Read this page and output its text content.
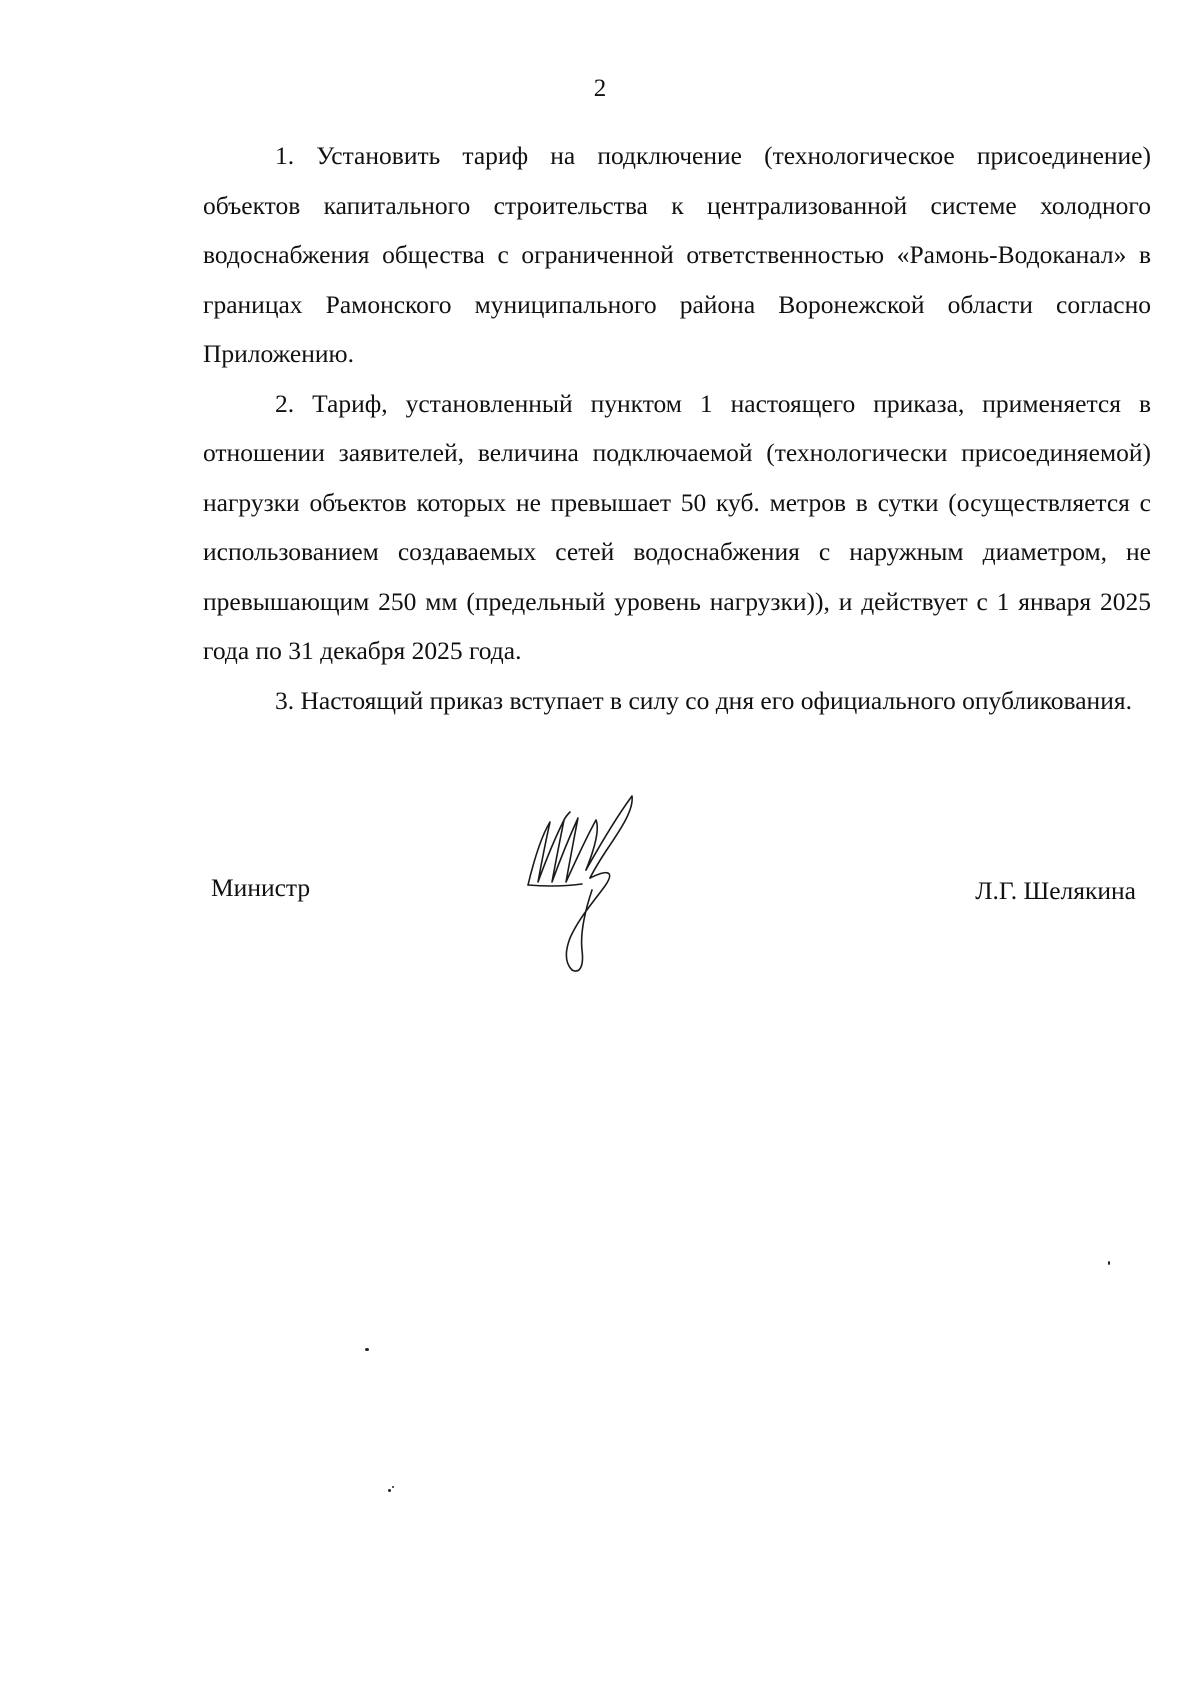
2

1. Установить тариф на подключение (технологическое присоединение) объектов капитального строительства к централизованной системе холодного водоснабжения общества с ограниченной ответственностью «Рамонь-Водоканал» в границах Рамонского муниципального района Воронежской области согласно Приложению.

2. Тариф, установленный пунктом 1 настоящего приказа, применяется в отношении заявителей, величина подключаемой (технологически присоединяемой) нагрузки объектов которых не превышает 50 куб. метров в сутки (осуществляется с использованием создаваемых сетей водоснабжения с наружным диаметром, не превышающим 250 мм (предельный уровень нагрузки)), и действует с 1 января 2025 года по 31 декабря 2025 года.

3. Настоящий приказ вступает в силу со дня его официального опубликования.

Министр	Л.Г. Шелякина
